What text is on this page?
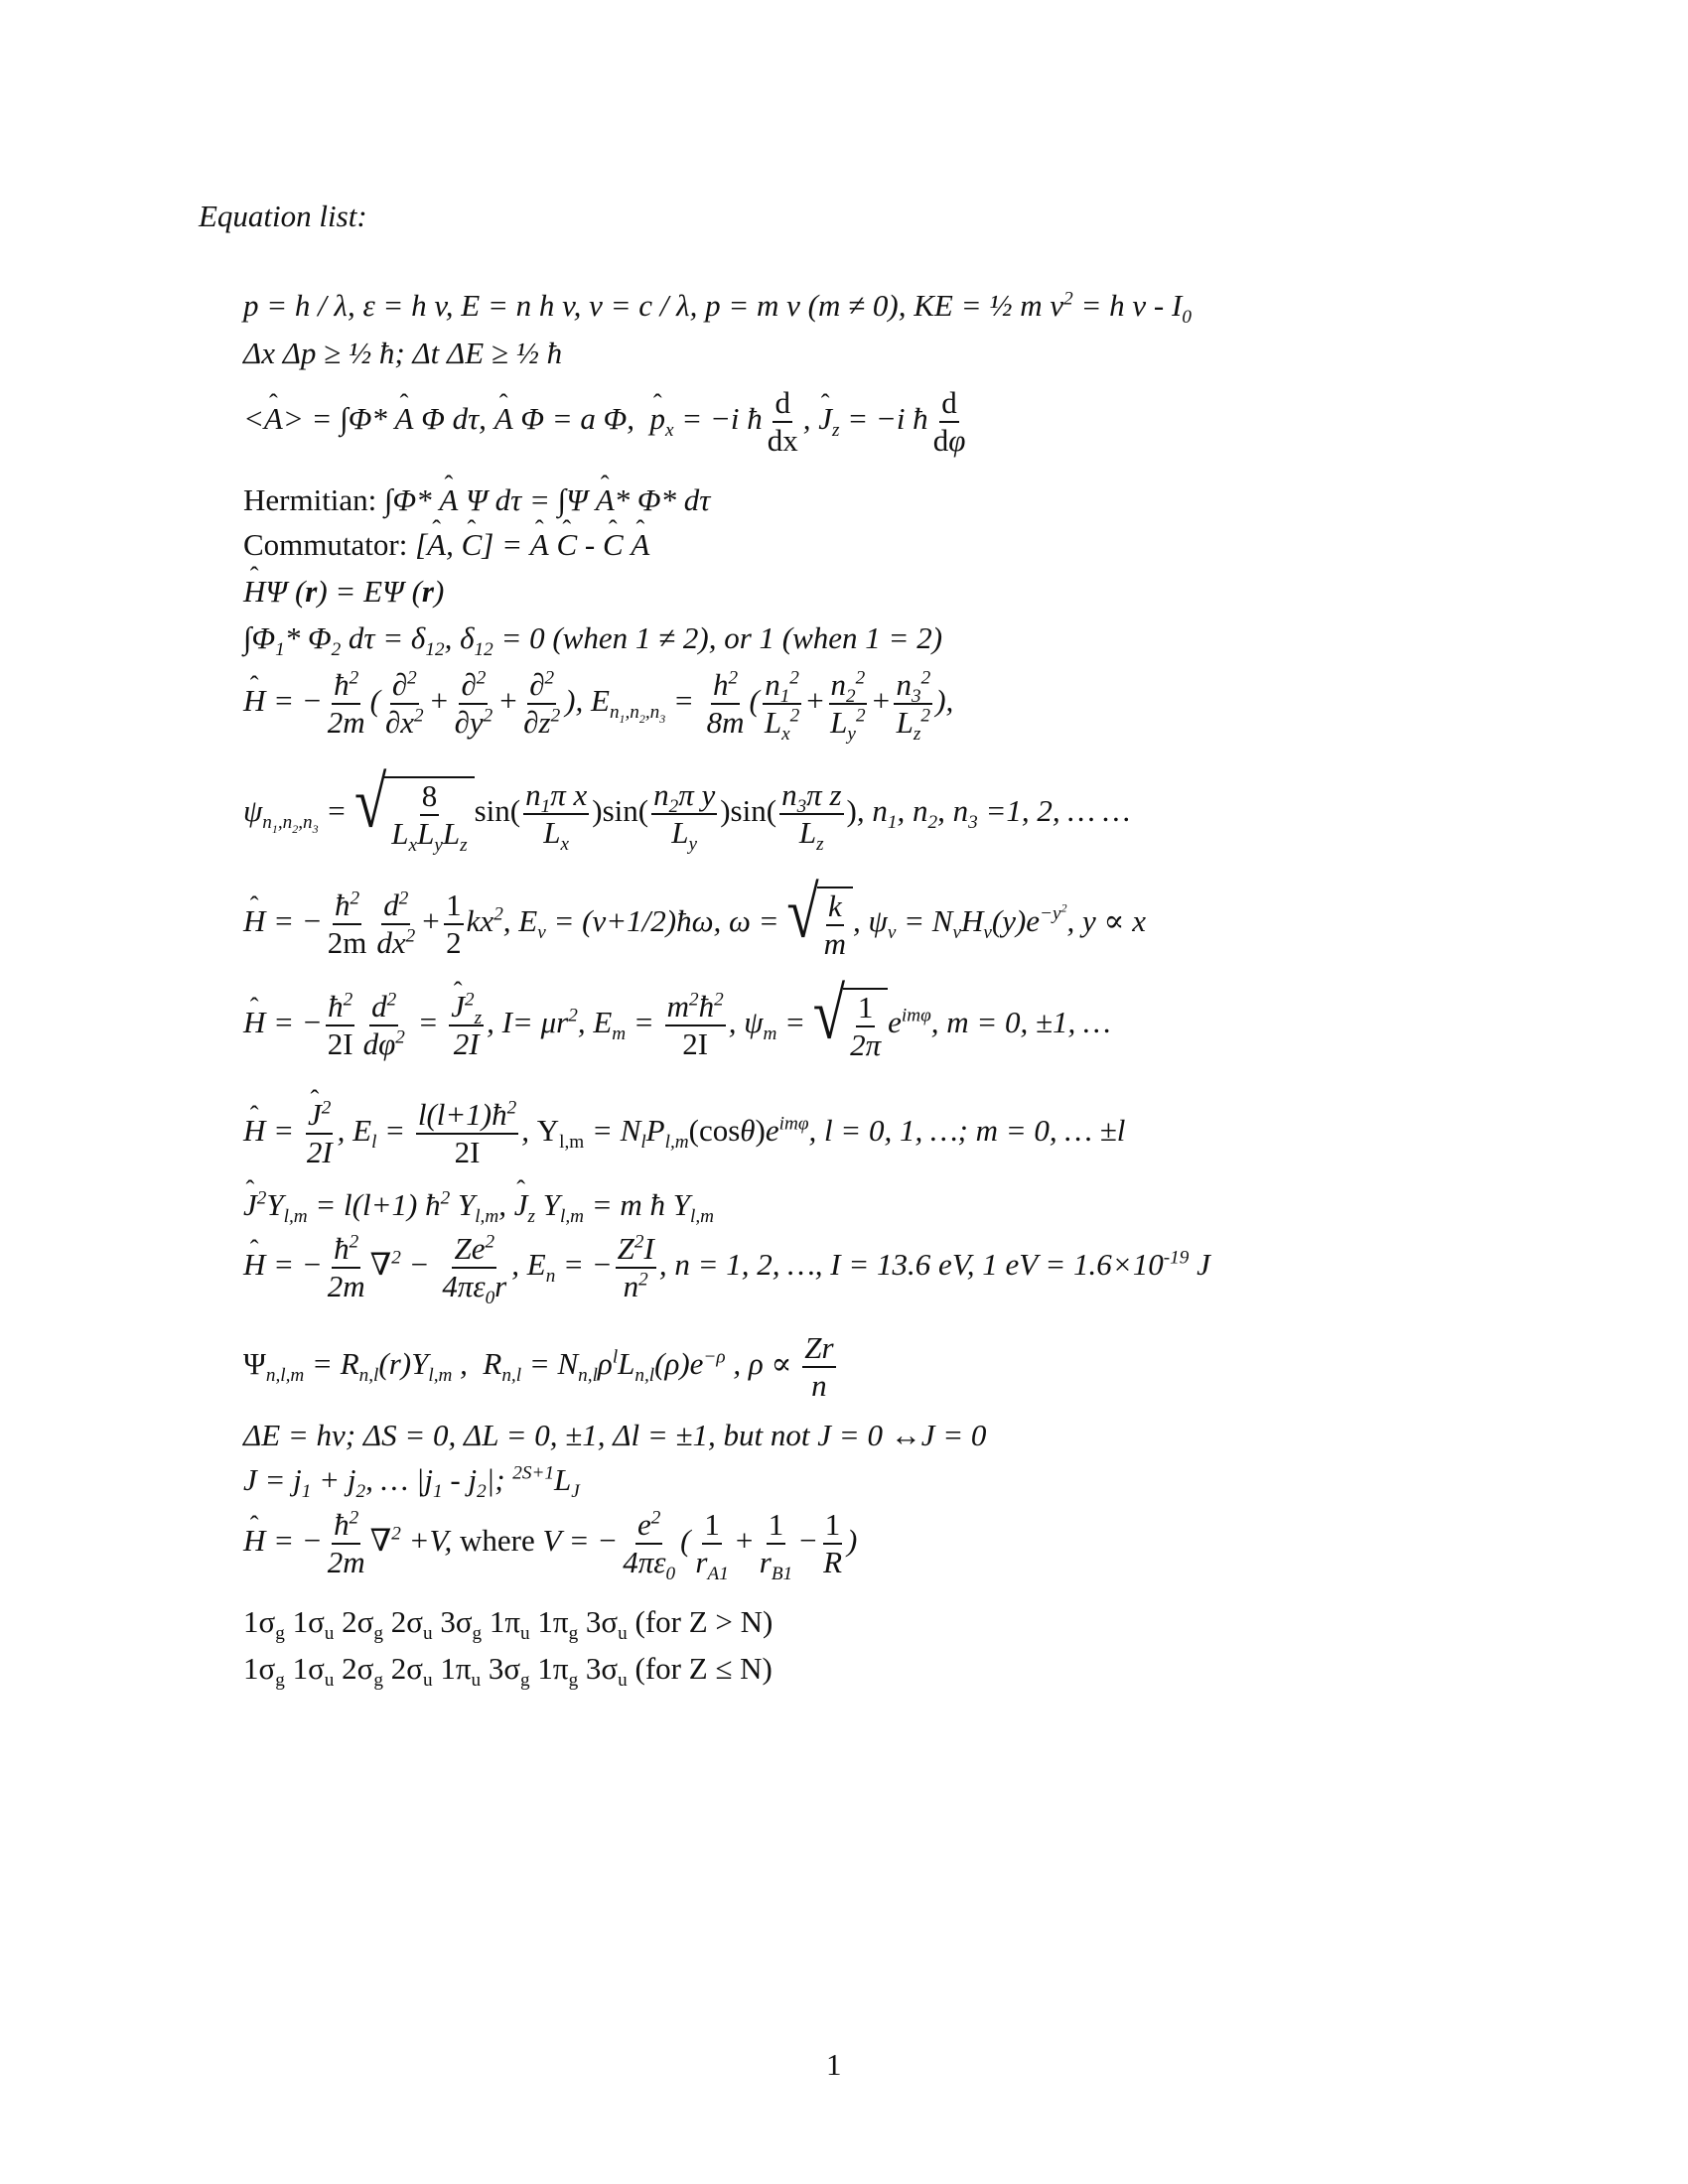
Equation list:
p = h / λ, ε = h v, E = n h v, v = c / λ, p = m v (m ≠ 0), KE = ½ m $v^2 = h$ v - $I_0$
Δx Δp ≥ ½ ħ; Δt ΔE ≥ ½ ħ
<ˆ A> = ∫Φ* ˆ A Φ dτ, ˆ A Φ = a Φ,  ˆ $p_x = -i$ ħ $\frac{d}{dx}$ , ˆ $J_z = -i$ ħ $\frac{d}{d\varphi}$
Hermitian: ∫Φ* ˆ A Ψ dτ = ∫Ψ ˆ A* Φ* dτ
Commutator: [ˆ A, ˆ C] = ˆ A ˆ C - ˆ C ˆ A
ˆ HΨ (r) = EΨ (r)
$\int\Phi_1*$ $\Phi_2$ $d\tau = \delta_{12}$, $\delta_{12} = 0$ (when 1 ≠ 2), or 1 (when 1 = 2)
ˆ H = − $\frac{ħ^2}{2m}$ ( $\frac{\partial^2}{\partial x^2} + \frac{\partial^2}{\partial y^2} + \frac{\partial^2}{\partial z^2}$ ), $E_{n_1,n_2,n_3} = \frac{h^2}{8m}$ ( $\frac{n_1^2}{L_x^2} + \frac{n_2^2}{L_y^2} + \frac{n_3^2}{L_z^2}$ ),
$\psi_{n_1,n_2,n_3}$ = √ $\frac{8}{L_xL_yL_z} \sin( \frac{n_1\pi x}{L_x} )\sin( \frac{n_2\pi y}{L_y} )\sin( \frac{n_3\pi z}{L_z}$ ), $n_1$, $n_2$, $n_3 =1$, 2, … …
ˆ H = − $\frac{ħ^2}{2m} \frac{d^2}{dx^2} + \frac{1}{2} kx^2$, $E_v$ = (v+1/2)ħω, ω = √ $\frac{k}{m}$ , $\psi_v = N_vH_v(y)e^{-y^2}$, y ∝ x
ˆ H = − $\frac{ħ^2}{2I} \frac{d^2}{d\varphi^2}$ = ˆ $\frac{J^2_z}{2I}$ , $I= \mu r^2$, $E_m = \frac{m^2ħ^2}{2I}$ , $\psi_m$ = √ $\frac{1}{2\pi} e^{im\varphi}$, m = 0, ±1, …
ˆ H = ˆ $\frac{J^2}{2I}$ , $E_l = \frac{l(l+1)ħ^2}{2I}$ , $Y_{l,m} = N_lP_{l,m}(\cos\theta)e^{im\varphi}$, l = 0, 1, …; m = 0, … ±l
ˆ $J^2Y_{l,m} = l(l+1)$ $ħ^2$ $Y_{l,m}$, ˆ $J_z$ $Y_{l,m} = m$ ħ $Y_{l,m}$
ˆ H = − $\frac{ħ^2}{2m} \nabla^2 - \frac{Ze^2}{4\pi\varepsilon_0r}$ , $E_n$ = − $\frac{Z^2I}{n^2}$ , n = 1, 2, …, I = 13.6 eV, 1 eV = $1.6\times 10^{-19}$ J
$\Psi_{n,l,m} = R_{n,l}(r)Y_{l,m}$ ,  $R_{n,l} = N_{n,l}\rho^lL_{n,l}(\rho)e^{-\rho}$ , $\rho \propto \frac{Zr}{n}$
ΔE = hv; ΔS = 0, ΔL = 0, ±1, Δl = ±1, but not J = 0 ↔J = 0
$J = j_1 + j_2$, … $|j_1 - j_2|$; $^{2S+1}L_J$
ˆ H = − $\frac{ħ^2}{2m} \nabla^2 +V$, where V = − $\frac{e^2}{4\pi\varepsilon_0}$ ( $\frac{1}{r_{A1}} + \frac{1}{r_{B1}} - \frac{1}{R}$ )
$1\sigma_g$ $1\sigma_u$ $2\sigma_g$ $2\sigma_u$ $3\sigma_g$ $1\pi_u$ $1\pi_g$ $3\sigma_u$ (for Z > N)
$1\sigma_g$ $1\sigma_u$ $2\sigma_g$ $2\sigma_u$ $1\pi_u$ $3\sigma_g$ $1\pi_g$ $3\sigma_u$ (for Z ≤ N)
1
